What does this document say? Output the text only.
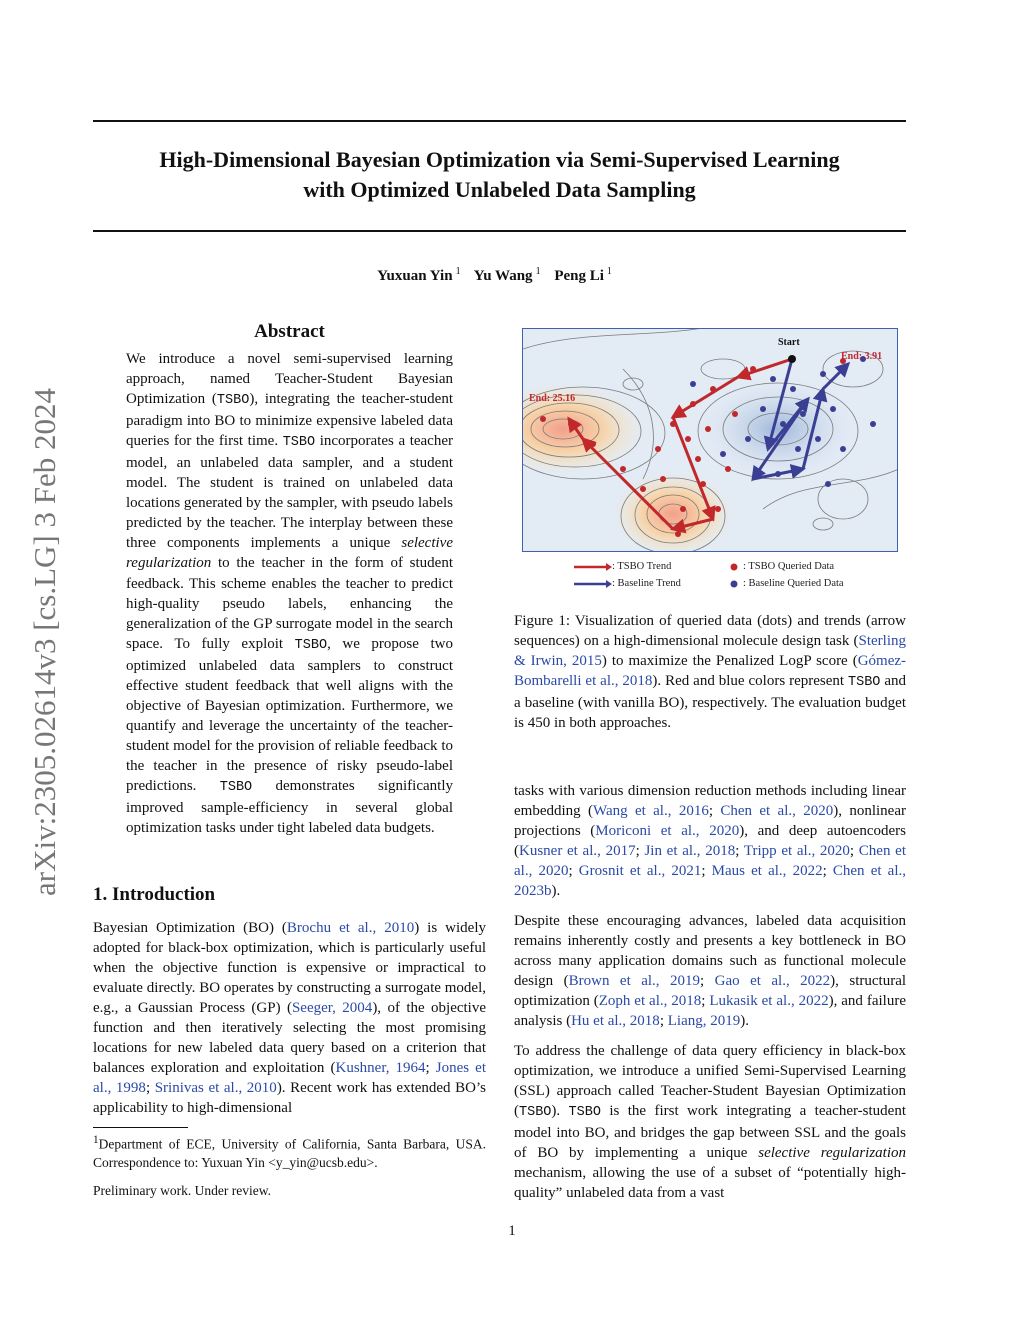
High-Dimensional Bayesian Optimization via Semi-Supervised Learning
with Optimized Unlabeled Data Sampling
Yuxuan Yin $^1$ Yu Wang $^1$ Peng Li $^1$
arXiv:2305.02614v3 [cs.LG] 3 Feb 2024
Abstract
We introduce a novel semi-supervised learning approach, named Teacher-Student Bayesian Optimization (TSBO), integrating the teacher-student paradigm into BO to minimize expensive labeled data queries for the first time. TSBO incorporates a teacher model, an unlabeled data sampler, and a student model. The student is trained on unlabeled data locations generated by the sampler, with pseudo labels predicted by the teacher. The interplay between these three components implements a unique selective regularization to the teacher in the form of student feedback. This scheme enables the teacher to predict high-quality pseudo labels, enhancing the generalization of the GP surrogate model in the search space. To fully exploit TSBO, we propose two optimized unlabeled data samplers to construct effective student feedback that well aligns with the objective of Bayesian optimization. Furthermore, we quantify and leverage the uncertainty of the teacher-student model for the provision of reliable feedback to the teacher in the presence of risky pseudo-label predictions. TSBO demonstrates significantly improved sample-efficiency in several global optimization tasks under tight labeled data budgets.
1. Introduction
Bayesian Optimization (BO) (Brochu et al., 2010) is widely adopted for black-box optimization, which is particularly useful when the objective function is expensive or impractical to evaluate directly. BO operates by constructing a surrogate model, e.g., a Gaussian Process (GP) (Seeger, 2004), of the objective function and then iteratively selecting the most promising locations for new labeled data query based on a criterion that balances exploration and exploitation (Kushner, 1964; Jones et al., 1998; Srinivas et al., 2010). Recent work has extended BO’s applicability to high-dimensional
$^1$Department of ECE, University of California, Santa Barbara, USA. Correspondence to: Yuxuan Yin <y_yin@ucsb.edu>.
Preliminary work. Under review.
Start
End: 25.16
End: 3.91
: TSBO Trend
: Baseline Trend
: TSBO Queried Data
: Baseline Queried Data
Figure 1: Visualization of queried data (dots) and trends (arrow sequences) on a high-dimensional molecule design task (Sterling & Irwin, 2015) to maximize the Penalized LogP score (Gómez-Bombarelli et al., 2018). Red and blue colors represent TSBO and a baseline (with vanilla BO), respectively. The evaluation budget is 450 in both approaches.

tasks with various dimension reduction methods including linear embedding (Wang et al., 2016; Chen et al., 2020), nonlinear projections (Moriconi et al., 2020), and deep autoencoders (Kusner et al., 2017; Jin et al., 2018; Tripp et al., 2020; Chen et al., 2020; Grosnit et al., 2021; Maus et al., 2022; Chen et al., 2023b).

Despite these encouraging advances, labeled data acquisition remains inherently costly and presents a key bottleneck in BO across many application domains such as functional molecule design (Brown et al., 2019; Gao et al., 2022), structural optimization (Zoph et al., 2018; Lukasik et al., 2022), and failure analysis (Hu et al., 2018; Liang, 2019).

To address the challenge of data query efficiency in black-box optimization, we introduce a unified Semi-Supervised Learning (SSL) approach called Teacher-Student Bayesian Optimization (TSBO). TSBO is the first work integrating a teacher-student model into BO, and bridges the gap between SSL and the goals of BO by implementing a unique selective regularization mechanism, allowing the use of a subset of “potentially high-quality” unlabeled data from a vast

1
